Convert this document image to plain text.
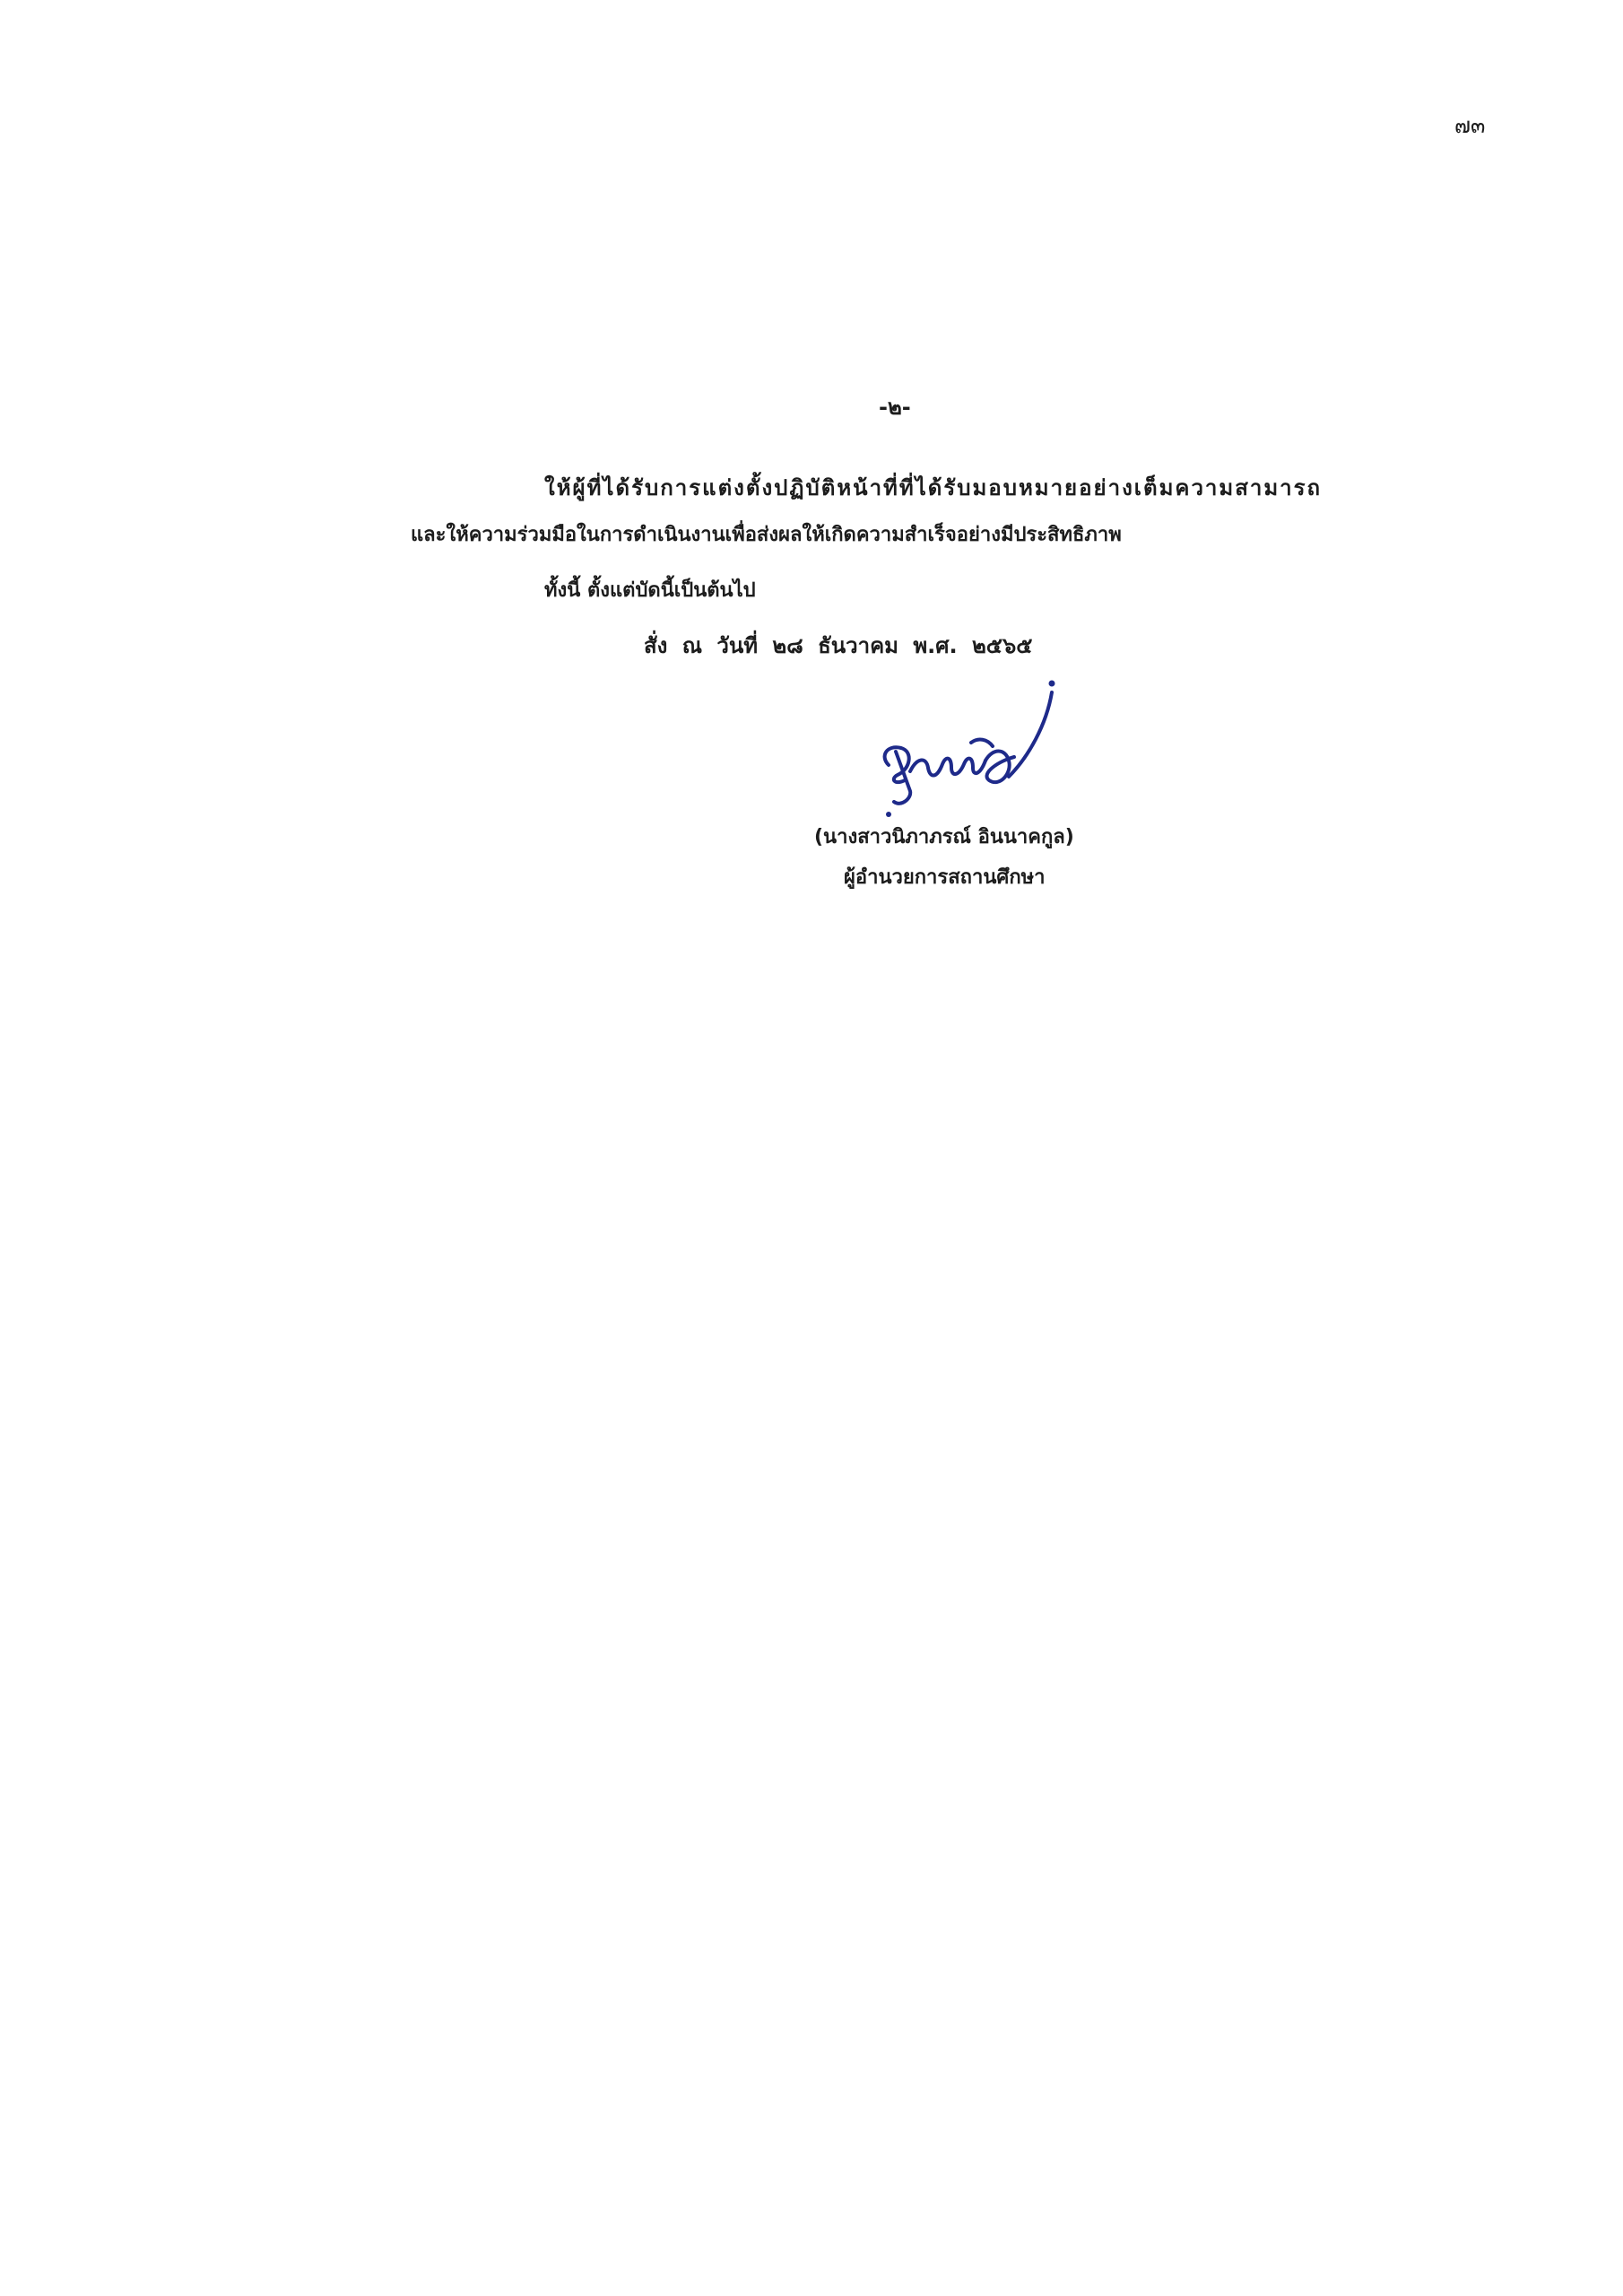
๗๓
-๒-
ให้ผู้ที่ได้รับการแต่งตั้งปฏิบัติหน้าที่ที่ได้รับมอบหมายอย่างเต็มความสามารถ
และให้ความร่วมมือในการดำเนินงานเพื่อส่งผลให้เกิดความสำเร็จอย่างมีประสิทธิภาพ
ทั้งนี้ ตั้งแต่บัดนี้เป็นต้นไป
สั่ง ณ วันที่ ๒๘ ธันวาคม พ.ศ. ๒๕๖๕
(นางสาวนิภาภรณ์ อินนาคกูล)
ผู้อำนวยการสถานศึกษา
